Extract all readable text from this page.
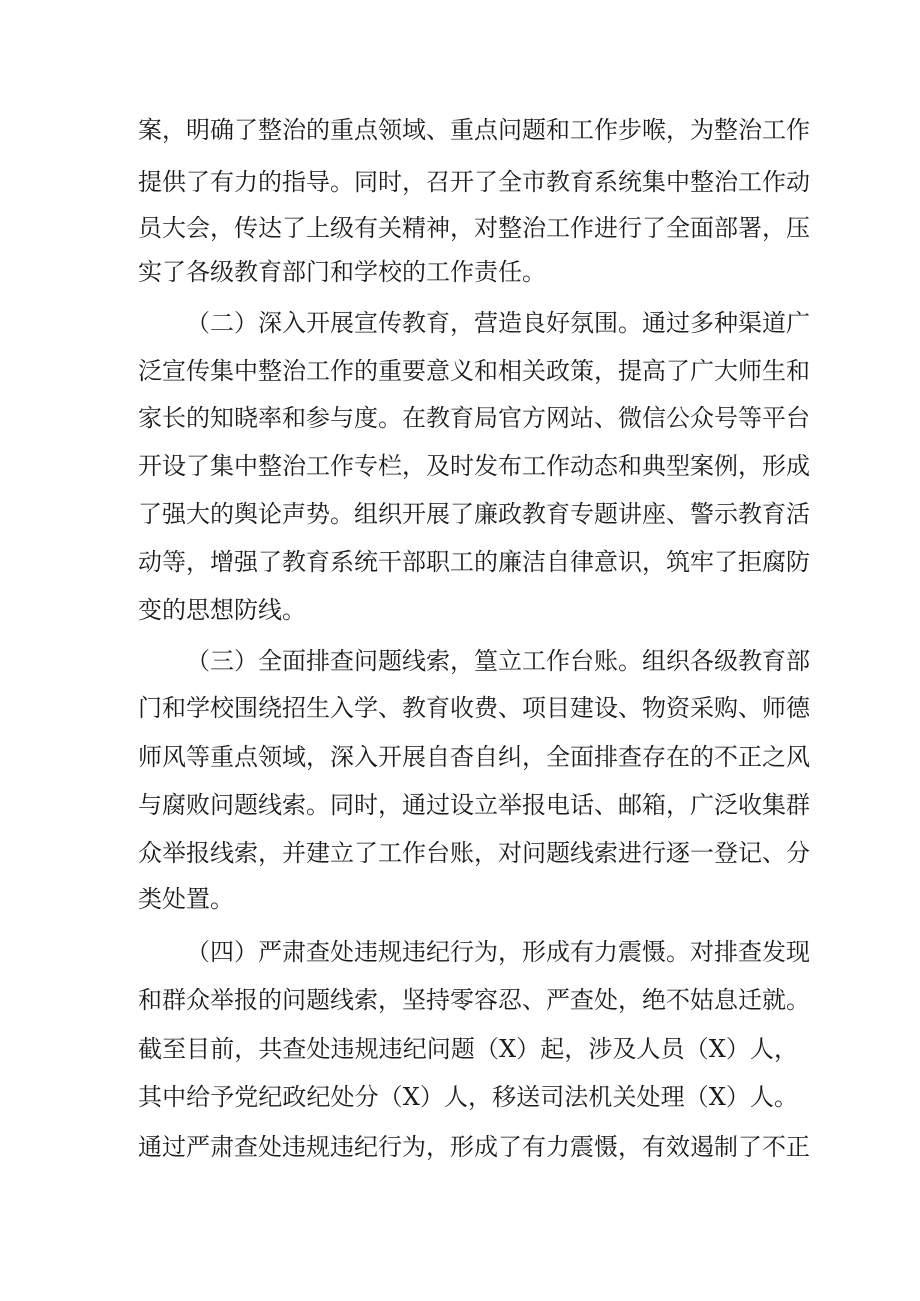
案，明确了整治的重点领域、重点问题和工作步喉，为整治工作
提供了有力的指导。同时，召开了全市教育系统集中整治工作动
员大会，传达了上级有关精神，对整治工作进行了全面部署，压
实了各级教育部门和学校的工作责任。
（二）深入开展宣传教育，营造良好氛围。通过多种渠道广
泛宣传集中整治工作的重要意义和相关政策，提高了广大师生和
家长的知晓率和参与度。在教育局官方网站、微信公众号等平台
开设了集中整治工作专栏，及时发布工作动态和典型案例，形成
了强大的舆论声势。组织开展了廉政教育专题讲座、警示教育活
动等，增强了教育系统干部职工的廉洁自律意识，筑牢了拒腐防
变的思想防线。
（三）全面排查问题线索，篁立工作台账。组织各级教育部
门和学校围绕招生入学、教育收费、项目建设、物资采购、师德
师风等重点领域，深入开展自杳自纠，全面排查存在的不正之风
与腐败问题线索。同时，通过设立举报电话、邮箱，广泛收集群
众举报线索，并建立了工作台账，对问题线索进行逐一登记、分
类处置。
（四）严肃查处违规违纪行为，形成有力震慑。对排查发现
和群众举报的问题线索，坚持零容忍、严查处，绝不姑息迁就。
截至目前，共查处违规违纪问题（X）起，涉及人员（X）人，
其中给予党纪政纪处分（X）人，移送司法机关处理（X）人。
通过严肃查处违规违纪行为，形成了有力震慑，有效遏制了不正
